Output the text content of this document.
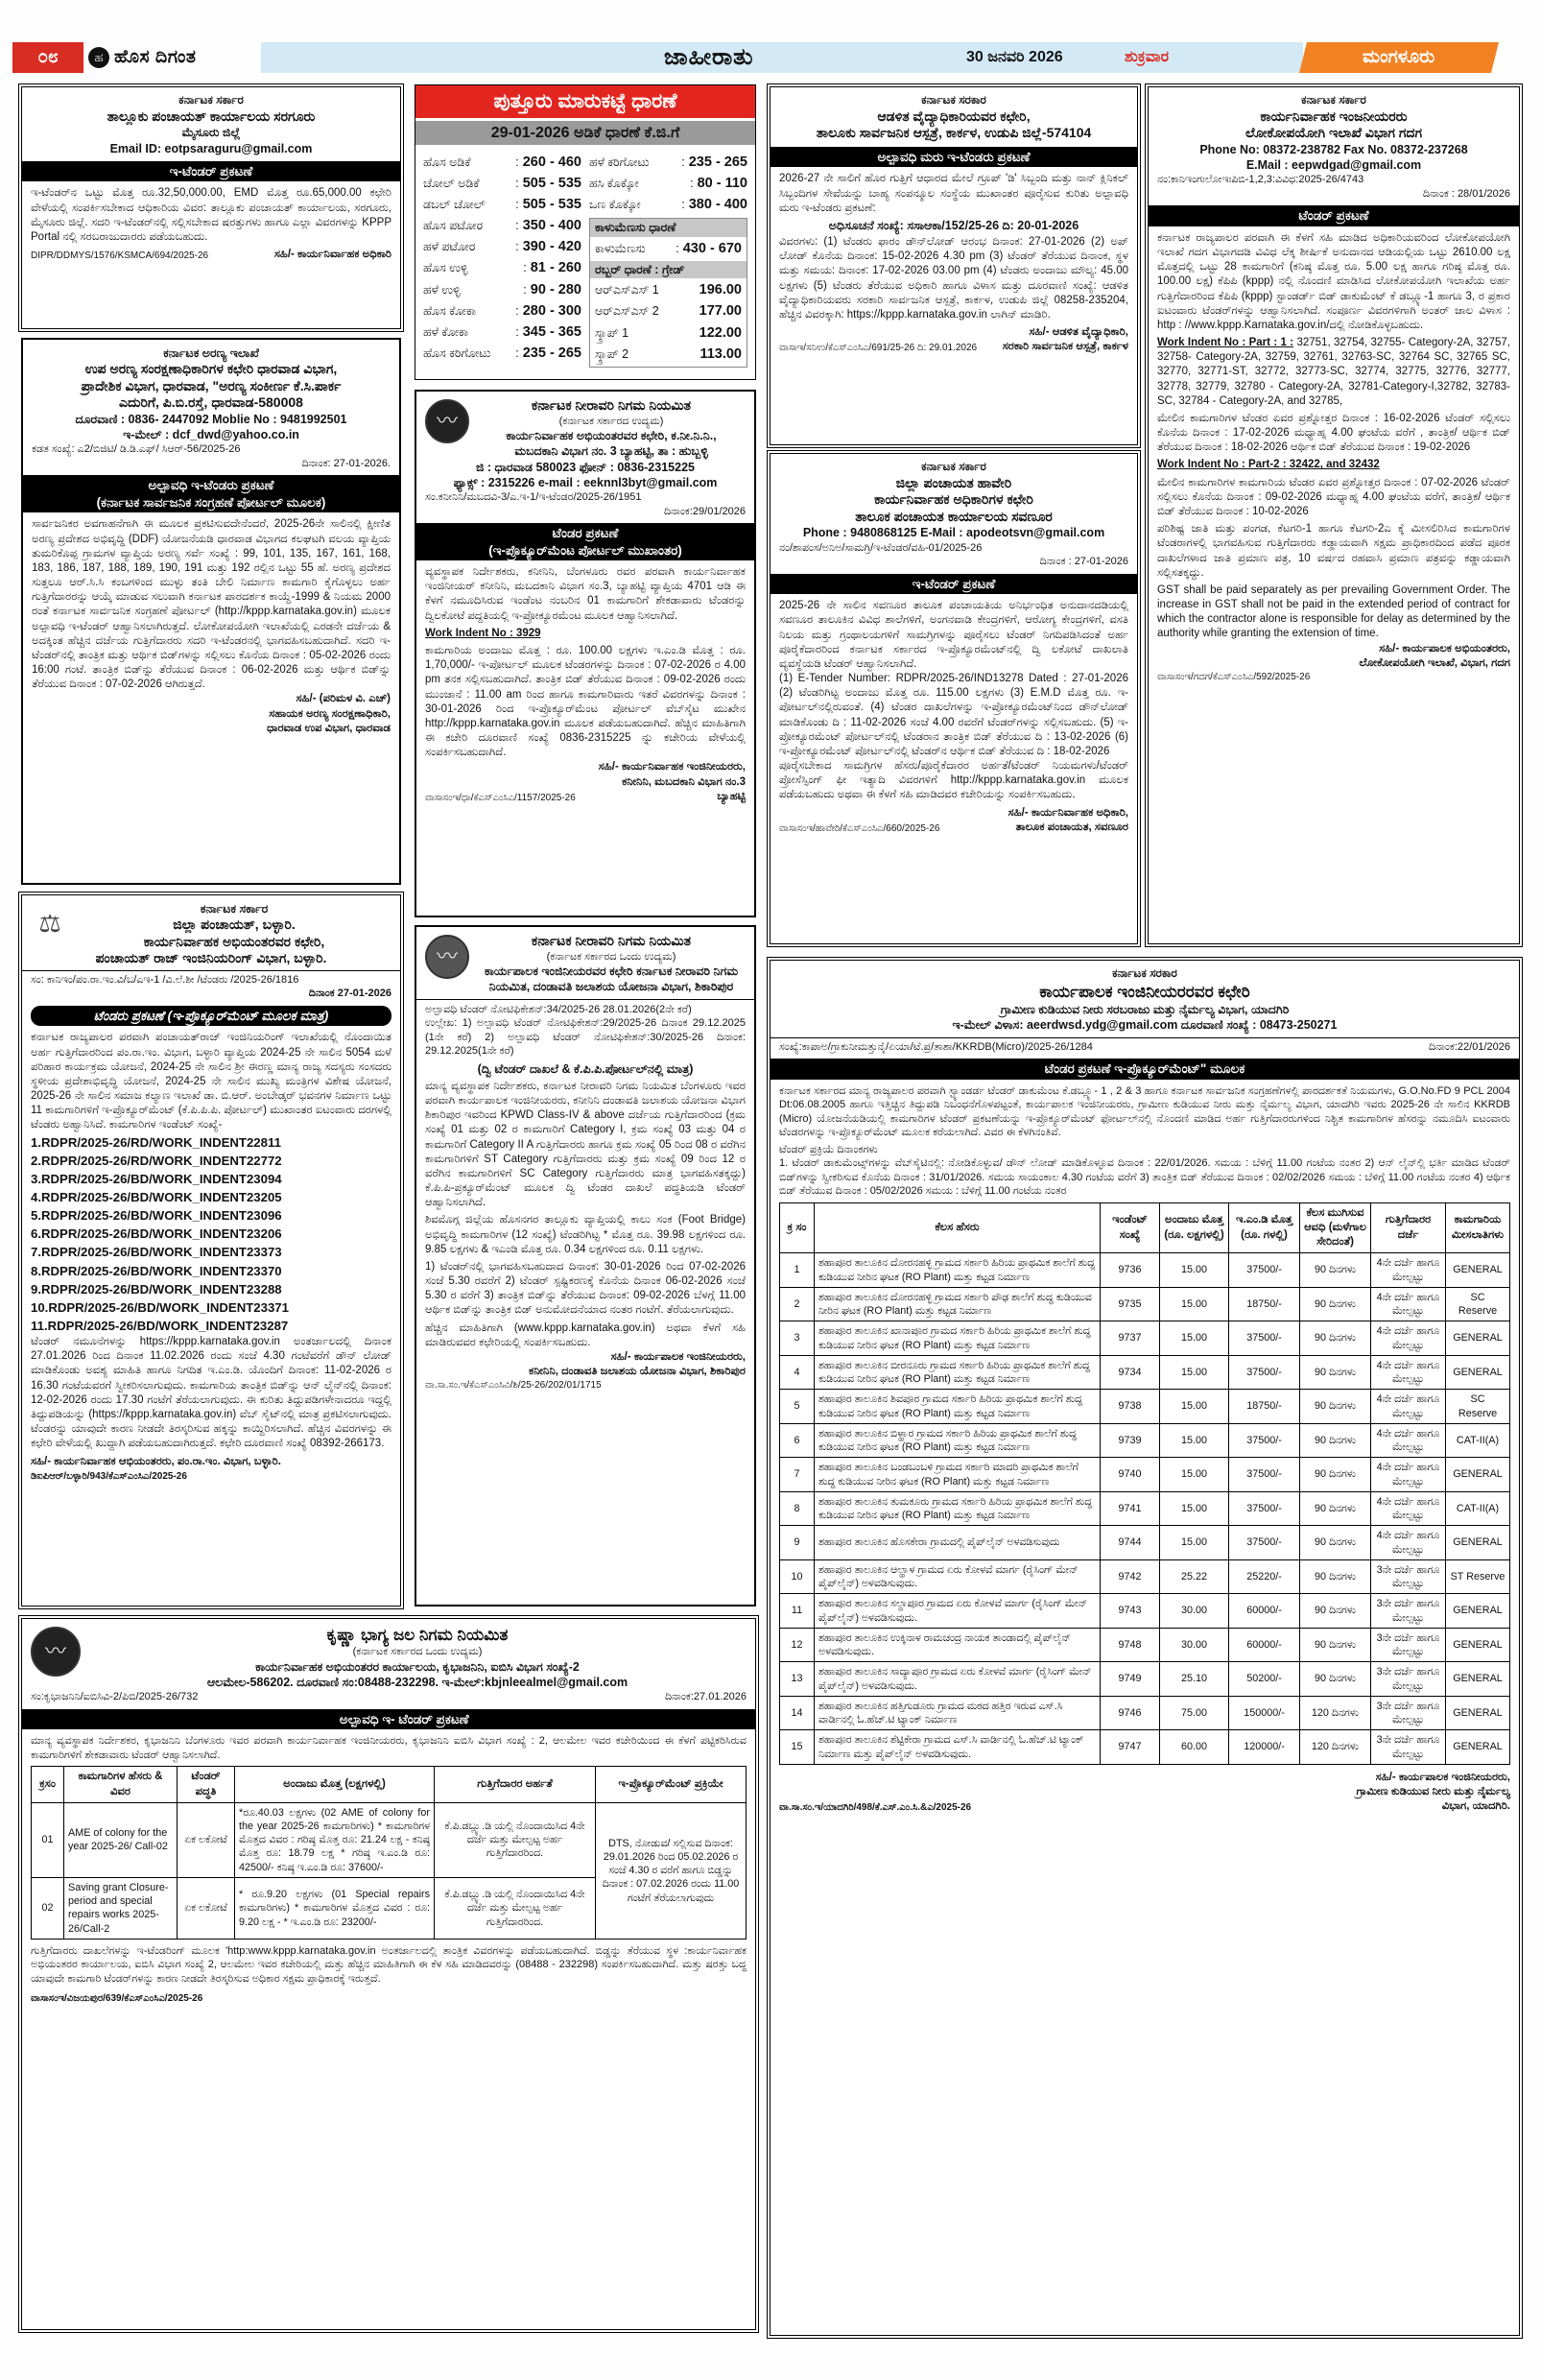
೦೮	ಹ ಹೊಸ ದಿಗಂತ	ಜಾಹೀರಾತು	30 ಜನವರಿ 2026	ಶುಕ್ರವಾರ	ಮಂಗಳೂರು
ಕರ್ನಾಟಕ ಸರ್ಕಾರ
ತಾಲ್ಲೂಕು ಪಂಚಾಯತ್ ಕಾರ್ಯಾಲಯ ಸರಗೂರು
ಮೈಸೂರು ಜಿಲ್ಲೆ
Email ID: eotpsaraguru@gmail.com
ಇ-ಟೆಂಡರ್ ಪ್ರಕಟಣೆ
ಇ-ಟೆಂಡರ್‌ನ ಒಟ್ಟು ಮೊತ್ತ ರೂ.32,50,000.00, EMD ಮೊತ್ತ ರೂ.65,000.00 ಕಛೇರಿ ವೇಳೆಯಲ್ಲಿ ಸಂಪರ್ಕಿಸಬೇಕಾದ ಆಧಿಕಾರಿಯ ವಿವರ: ತಾಲ್ಲೂಕು ಪಂಚಾಯತ್ ಕಾರ್ಯಾಲಯ, ಸರಗೂರು, ಮೈಸೂರು ಜಿಲ್ಲೆ. ಸದರಿ ಇ-ಟೆಂಡರ್‌ನಲ್ಲಿ ಸಲ್ಲಿಸಬೇಕಾದ ಷರತ್ತುಗಳು ಹಾಗೂ ಎಲ್ಲಾ ವಿವರಗಳನ್ನು KPPP Portal ನಲ್ಲಿ ಸರಬರಾಜುದಾರರು ಪಡೆಯಬಹುದು.
DIPR/DDMYS/1576/KSMCA/694/2025-26	ಸಹಿ/- ಕಾರ್ಯನಿರ್ವಾಹಕ ಅಧಿಕಾರಿ
ಕರ್ನಾಟಕ ಅರಣ್ಯ ಇಲಾಖೆ
ಉಪ ಅರಣ್ಯ ಸಂರಕ್ಷಣಾಧಿಕಾರಿಗಳ ಕಛೇರಿ ಧಾರವಾಡ ವಿಭಾಗ,
ಪ್ರಾದೇಶಿಕ ವಿಭಾಗ, ಧಾರವಾಡ, "ಅರಣ್ಯ ಸಂಕೀರ್ಣ ಕೆ.ಸಿ.ಪಾರ್ಕ
ಎದುರಿಗೆ, ಪಿ.ಬಿ.ರಸ್ತೆ, ಧಾರವಾಡ-580008
ದೂರವಾಣಿ : 0836- 2447092 Moblie No : 9481992501
ಇ-ಮೇಲ್ : dcf_dwd@yahoo.co.in
ಕಡತ ಸಂಖ್ಯೆ: ಎ2/ಬಿಜಿಟಿ/ ಡಿ.ಡಿ.ಎಫ್/ ಸಿಆರ್-56/2025-26
ದಿನಾಂಕ: 27-01-2026.
ಅಲ್ಪಾವಧಿ ಇ-ಟೆಂಡರು ಪ್ರಕಟಣೆ
(ಕರ್ನಾಟಕ ಸಾರ್ವಜನಿಕ ಸಂಗ್ರಹಣೆ ಪೋರ್ಟಲ್ ಮೂಲಕ)
ಸಾರ್ವಜನಿಕರ ಅವಗಾಹನೆಗಾಗಿ ಈ ಮೂಲಕ ಪ್ರಕಟಿಸುವದೇನೆಂದರೆ, 2025-26ನೇ ಸಾಲಿನಲ್ಲಿ ಕ್ಷೀಣಿತ ಅರಣ್ಯ ಪ್ರದೇಶದ ಅಭಿವೃದ್ಧಿ (DDF) ಯೋಜನೆಯಡಿ ಧಾರವಾಡ ವಿಭಾಗದ ಕಲಘಟಗಿ ವಲಯ ವ್ಯಾಪ್ತಿಯ ತುಮರಿಕೊಪ್ಪ ಗ್ರಾಮಗಳ ವ್ಯಾಪ್ತಿಯ ಅರಣ್ಯ ಸರ್ವೆ ಸಂಖ್ಯೆ : 99, 101, 135, 167, 161, 168, 183, 186, 187, 188, 189, 190, 191 ಮತ್ತು 192 ರಲ್ಲಿನ ಒಟ್ಟು 55 ಹೆ. ಅರಣ್ಯ ಪ್ರದೇಶದ ಸುತ್ತಲೂ ಆರ್.ಸಿ.ಸಿ ಕಂಬಗಳಿಂದ ಮುಳ್ಳು ತಂತಿ ಬೇಲಿ ನಿರ್ಮಾಣ ಕಾಮಗಾರಿ ಕೈಗೊಳ್ಳಲು ಅರ್ಹ ಗುತ್ತಿಗೆದಾರರನ್ನು ಆಯ್ಕೆ ಮಾಡುವ ಸಲುವಾಗಿ ಕರ್ನಾಟಕ ಪಾರದರ್ಶಕ ಕಾಯ್ದೆ-1999 & ನಿಯಮ 2000 ರಂತೆ ಕರ್ನಾಟಕ ಸಾರ್ವಜನಿಕ ಸಂಗ್ರಹಣೆ ಪೋರ್ಟಲ್ (http://kppp.karnataka.gov.in) ಮೂಲಕ ಅಲ್ಪಾವಧಿ ಇ-ಟೆಂಡರ್ ಆಹ್ವಾನಿಸಲಾಗಿರುತ್ತದೆ. ಲೋಕೋಪಯೋಗಿ ಇಲಾಖೆಯಲ್ಲಿ ಎರಡನೇ ದರ್ಜೆಯ & ಅದಕ್ಕಿಂತ ಹೆಚ್ಚಿನ ದರ್ಜೆಯ ಗುತ್ತಿಗೆದಾರರು ಸದರಿ ಇ-ಟೆಂಡರನಲ್ಲಿ ಭಾಗವಹಿಸಬಹುದಾಗಿದೆ. ಸದರಿ ಇ-ಟೆಂಡರ್‌ನಲ್ಲಿ ತಾಂತ್ರಿಕ ಮತ್ತು ಆರ್ಥಿಕ ಬಿಡ್‌ಗಳನ್ನು ಸಲ್ಲಿಸಲು ಕೊನೆಯ ದಿನಾಂಕ : 05-02-2026 ರಂದು 16:00 ಗಂಟೆ. ತಾಂತ್ರಿಕ ಬಿಡ್‌ನ್ನು ತೆರೆಯುವ ದಿನಾಂಕ : 06-02-2026 ಮತ್ತು ಆರ್ಥಿಕ ಬಿಡ್‌ನ್ನು ತೆರೆಯುವ ದಿನಾಂಕ : 07-02-2026 ಆಗಿರುತ್ತದೆ.
ಸಹಿ/- (ಪರಿಮಳ ವಿ. ಎಚ್)
ಸಹಾಯಕ ಅರಣ್ಯ ಸಂರಕ್ಷಣಾಧಿಕಾರಿ,
ಧಾರವಾಡ ಉಪ ವಿಭಾಗ, ಧಾರವಾಡ
⚖	ಕರ್ನಾಟಕ ಸರ್ಕಾರ
ಜಿಲ್ಲಾ ಪಂಚಾಯತ್, ಬಳ್ಳಾರಿ.
ಕಾರ್ಯನಿರ್ವಾಹಕ ಅಭಿಯಂತರವರ ಕಛೇರಿ,
ಪಂಚಾಯತ್ ರಾಜ್ ಇಂಜಿನಿಯರಿಂಗ್ ವಿಭಾಗ, ಬಳ್ಳಾರಿ.
ಸಂ: ಕಾನಿಇಂ/ಪಂ.ರಾ.ಇಂ.ವಿ/ಬ/ಎಇ-1 /ವಿ.ಲೆ.ಶೀ /ಟೆಂಡರು /2025-26/1816
ದಿನಾಂಕ 27-01-2026
ಟೆಂಡರು ಪ್ರಕಟಣೆ (ಇ-ಪ್ರೊಕ್ಯೂರ್‌ಮೆಂಟ್ ಮೂಲಕ ಮಾತ್ರ)
ಕರ್ನಾಟಕ ರಾಜ್ಯಪಾಲರ ಪರವಾಗಿ ಪಂಚಾಯತ್‌ರಾಜ್ ಇಂಜಿನಿಯರಿಂಗ್ ಇಲಾಖೆಯಲ್ಲಿ ನೊಂದಾಯಿತ ಅರ್ಹ ಗುತ್ತಿಗೆದಾರರಿಂದ ಪಂ.ರಾ.ಇಂ. ವಿಭಾಗ, ಬಳ್ಳಾರಿ ವ್ಯಾಪ್ತಿಯ 2024-25 ನೇ ಸಾಲಿನ 5054 ಮಳೆ ಪರಿಹಾರ ಕಾರ್ಯಕ್ರಮ ಯೋಜನೆ, 2024-25 ನೇ ಸಾಲಿನ ಶ್ರೀ ಈರಣ್ಣ ಮಾನ್ಯ ರಾಜ್ಯ ಸದಸ್ಯರು ಸಂಸದರು ಸ್ಥಳೀಯ ಪ್ರದೇಶಾಭಿವೃದ್ಧಿ ಯೋಜನೆ, 2024-25 ನೇ ಸಾಲಿನ ಮುಖ್ಯ ಮಂತ್ರಿಗಳ ವಿಶೇಷ ಯೋಜನೆ, 2025-26 ನೇ ಸಾಲಿನ ಸಮಾಜ ಕಲ್ಯಾಣ ಇಲಾಖೆ ಡಾ. ಬಿ.ಆರ್. ಅಂಬೇಡ್ಕರ್ ಭವನಗಳ ನಿರ್ಮಾಣ ಒಟ್ಟು 11 ಕಾಮಗಾರಿಗಳಿಗೆ ಇ-ಪ್ರೊಕ್ಯೂರ್‌ಮೆಂಟ್ (ಕೆ.ಪಿ.ಪಿ.ಪಿ. ಪೋರ್ಟಲ್) ಮುಖಾಂತರ ಐಟಂವಾರು ದರಗಳಲ್ಲಿ ಟೆಂಡರು ಅಹ್ವಾನಿಸಿದೆ. ಕಾಮಗಾರಿಗಳ ಇಂಡೆಂಟ್ ಸಂಖ್ಯೆ-
1.RDPR/2025-26/RD/WORK_INDENT22811
2.RDPR/2025-26/RD/WORK_INDENT22772
3.RDPR/2025-26/BD/WORK_INDENT23094
4.RDPR/2025-26/BD/WORK_INDENT23205
5.RDPR/2025-26/BD/WORK_INDENT23096
6.RDPR/2025-26/BD/WORK_INDENT23206
7.RDPR/2025-26/BD/WORK_INDENT23373
8.RDPR/2025-26/BD/WORK_INDENT23370
9.RDPR/2025-26/BD/WORK_INDENT23288
10.RDPR/2025-26/BD/WORK_INDENT23371
11.RDPR/2025-26/BD/WORK_INDENT23287
ಟೆಂಡರ್ ನಮೂನೆಗಳನ್ನು https://kppp.karnataka.gov.in ಅಂತರ್ಜಾಲದಲ್ಲಿ ದಿನಾಂಕ 27.01.2026 ರಿಂದ ದಿನಾಂಕ 11.02.2026 ರಂದು ಸಂಜೆ 4.30 ಗಂಟೆವರೆಗೆ ಡೌನ್ ಲೋಡ್ ಮಾಡಿಕೊಂಡು ಅವಶ್ಯ ಮಾಹಿತಿ ಹಾಗೂ ನಿಗದಿತ ಇ.ಎಂ.ಡಿ. ಯೊಂದಿಗೆ ದಿನಾಂಕ: 11-02-2026 ರ 16.30 ಗಂಟೆಯವರಗೆ ಸ್ವೀಕರಿಸಲಾಗುವುದು. ಕಾಮಗಾರಿಯ ತಾಂತ್ರಿಕ ಬಿಡ್‌ನ್ನು ಆನ್ ಲೈನ್‌ನಲ್ಲಿ ದಿನಾಂಕ: 12-02-2026 ರಂದು 17.30 ಗಂಟೆಗೆ ತೆರೆಯಲಾಗುವುದು. ಈ ಕುರಿತು ತಿದ್ದುಪಡಿಗಳೇನಾದರೂ ಇದ್ದಲ್ಲಿ ತಿದ್ದುಪಡಿಯನ್ನು (https://kppp.karnataka.gov.in) ವೆಬ್ ಸೈಟ್‌ನಲ್ಲಿ ಮಾತ್ರ ಪ್ರಕಟಿಸಲಾಗುವುದು. ಟೆಂಡರನ್ನು ಯಾವುದೇ ಕಾರಣ ನೀಡದೇ ತಿರಸ್ಕರಿಸುವ ಹಕ್ಕನ್ನು ಕಾಯ್ದಿರಿಸಲಾಗಿದೆ. ಹೆಚ್ಚಿನ ವಿವರಗಳನ್ನು ಈ ಕಛೇರಿ ವೇಳೆಯಲ್ಲಿ ಖುದ್ದಾಗಿ ಪಡೆಯಬಹುದಾಗಿರುತ್ತದೆ. ಕಛೇರಿ ದೂರವಾಣಿ ಸಂಖ್ಯೆ 08392-266173.
ಸಹಿ/- ಕಾರ್ಯನಿರ್ವಾಹಕ ಆಭಿಯಂತರರು, ಪಂ.ರಾ.ಇಂ. ವಿಭಾಗ, ಬಳ್ಳಾರಿ.
ಡಿಐಪಿಆರ್/ಬಳ್ಳಾರಿ/943/ಕೆಎಸ್‌ಎಂಸಿಎ/2025-26
〰
ಕೃಷ್ಣಾ ಭಾಗ್ಯ ಜಲ ನಿಗಮ ನಿಯಮಿತ
(ಕರ್ನಾಟಕ ಸರ್ಕಾರದ ಒಂದು ಉದ್ಯಮ)
ಕಾರ್ಯನಿರ್ವಾಹಕ ಅಭಿಯಂತರರ ಕಾರ್ಯಾಲಯ, ಕೃಭಾಜನಿನಿ, ಐಬಿಸಿ ವಿಭಾಗ ಸಂಖ್ಯೆ-2
ಆಲಮೇಲ-586202. ದೂರವಾಣಿ ಸಂ:08488-232298. ಇ-ಮೇಲ್:kbjnleealmel@gmail.com
ಸಂ:ಕೃಭಾಜನಿನಿ/ಐಬಿಸಿವಿ-2/ಪಿಬಿ/2025-26/732	ದಿನಾಂಕ:27.01.2026
ಅಲ್ಪಾವಧಿ ಇ- ಟೆಂಡರ್ ಪ್ರಕಟಣೆ
ಮಾನ್ಯ ವ್ಯವಸ್ಥಾಪಕ ನಿರ್ದೇಶಕರ, ಕೃಭಾಜನಿನಿ ಬೆಂಗಳೂರು ಇವರ ಪರವಾಗಿ ಕಾರ್ಯನಿರ್ವಾಹಕ ಇಂಜಿನೀಯರರು, ಕೃಭಾಜನಿನಿ ಐಬಿಸಿ ವಿಭಾಗ ಸಂಖ್ಯೆ : 2, ಆಲಮೇಲ ಇವರ ಕಚೇರಿಯಿಂದ ಈ ಕೆಳಗೆ ಪಟ್ಟಿಕರಿಸಿರುವ ಕಾಮಗಾರಿಗಳಿಗೆ ಶೇಕಡಾವಾರು ಟೆಂಡರ್ ಆಹ್ವಾನಿಸಲಾಗಿದೆ.
ಕ್ರಸಂ	ಕಾಮಗಾರಿಗಳ ಹೆಸರು & ವಿವರ	ಟೆಂಡರ್ ಪದ್ಧತಿ	ಅಂದಾಜು ಮೊತ್ತ (ಲಕ್ಷಗಳಲ್ಲಿ)	ಗುತ್ತಿಗೆದಾರರ ಅರ್ಹತೆ	ಇ-ಪ್ರೊಕ್ಯೂರ್‌ಮೆಂಟ್ ಪ್ರಕ್ರಿಯೇ
01	AME of colony for the year 2025-26/ Call-02	ಏಕ ಲಕೋಟೆ	*ರೂ.40.03 ಲಕ್ಷಗಳು (02 AME of colony for the year 2025-26 ಕಾಮಗಾರಿಗಳು) * ಕಾಮಗಾರಿಗಳ ಮೊತ್ತದ ವಿವರ : ಗರಿಷ್ಠ ಮೊತ್ತ ರೂ: 21.24 ಲಕ್ಷ - ಕನಿಷ್ಠ ಮೊತ್ತ ರೂ: 18.79 ಲಕ್ಷ * ಗರಿಷ್ಠ ಇ.ಎಂ.ಡಿ ರೂ: 42500/- ಕನಿಷ್ಠ ಇ.ಎಂ.ಡಿ ರೂ: 37600/-	ಕೆ.ಪಿ.ಡಬ್ಲ್ಯು.ಡಿ ಯಲ್ಲಿ ನೊಂದಾಯಿಸಿದ 4ನೇ ದರ್ಜೆ ಮತ್ತು ಮೇಲ್ಪಟ್ಟ ಅರ್ಹ ಗುತ್ತಿಗೆದಾರರಿಂದ.	DTS, ನೋಡುವ/ ಸಲ್ಲಿಸುವ ದಿನಾಂಕ: 29.01.2026 ರಿಂದ 05.02.2026 ರ ಸಂಜೆ 4.30 ರ ವರೆಗೆ ಹಾಗೂ ಬಿಡ್ಡನ್ನು ದಿನಾಂಕ : 07.02.2026 ರಂದು 11.00 ಗಂಟೆಗೆ ತೆರೆಯಲಾಗುವುದು
02	Saving grant Closure-period and special repairs works 2025-26/Call-2	ಏಕ ಲಕೋಟೆ	* ರೂ.9.20 ಲಕ್ಷಗಳು (01 Special repairs ಕಾಮಗಾರಿಗಳು) * ಕಾಮಗಾರಿಗಳ ಮೊತ್ತದ ವಿವರ : ರೂ: 9.20 ಲಕ್ಷ - * ಇ.ಎಂ.ಡಿ ರೂ: 23200/-	ಕೆ.ಪಿ.ಡಬ್ಲ್ಯು.ಡಿ ಯಲ್ಲಿ ನೊಂದಾಯಿಸಿದ 4ನೇ ದರ್ಜೆ ಮತ್ತು ಮೇಲ್ಪಟ್ಟ ಅರ್ಹ ಗುತ್ತಿಗೆದಾರರಿಂದ.	
ಗುತ್ತಿಗೆದಾರರು ದಾಖಲೆಗಳನ್ನು ಇ-ಟೆಂಡರಿಂಗ್ ಮೂಲಕ 'http:www.kppp.karnataka.gov.in ಅಂತರ್ಜಾಲದಲ್ಲಿ ತಾಂತ್ರಿಕ ವಿವರಗಳನ್ನು ಪಡೆಯಬಹುದಾಗಿದೆ. ಬಿಡ್ಡನ್ನು ತೆರೆಯುವ ಸ್ಥಳ :ಕಾರ್ಯನಿರ್ವಾಹಕ ಅಭಿಯಂತರರ ಕಾರ್ಯಾಲಯ, ಐಬಿಸಿ ವಿಭಾಗ ಸಂಖ್ಯೆ 2, ಆಲಮೇಲ ಇವರ ಕಚೇರಿಯಲ್ಲಿ ಮತ್ತು ಹೆಚ್ಚಿನ ಮಾಹಿತಿಗಾಗಿ ಈ ಕೆಳ ಸಹಿ ಮಾಡಿದವರನ್ನು (08488 - 232298) ಸಂಪರ್ಕಿಸಬಹುದಾಗಿದೆ. ಮತ್ತು ಷರತ್ತು ಬದ್ಧ ಯಾವುದೇ ಕಾಮಗಾರಿ ಟೆಂಡರ್‌ಗಳನ್ನು ಕಾರಣ ನೀಡದೇ ತಿರಸ್ಕರಿಸುವ ಅಧಿಕಾರ ಸಕ್ಷಮ ಪ್ರಾಧಿಕಾರಕ್ಕೆ ಇರುತ್ತದೆ.
ವಾಸಾಸಂಇ/ವಿಜಯಪುರ/639/ಕೆಎಸ್‌ಎಂಸಿಎ/2025-26
ಪುತ್ತೂರು ಮಾರುಕಟ್ಟೆ ಧಾರಣೆ
29-01-2026 ಅಡಿಕೆ ಧಾರಣೆ ಕೆ.ಜಿ.ಗೆ
ಹೊಸ ಅಡಿಕೆ :	260 - 460
ಚೋಲ್ ಅಡಿಕೆ :	505 - 535
ಡಬಲ್ ಚೋಲ್ :	505 - 535
ಹೊಸ ಪಟೋರ :	350 - 400
ಹಳೆ ಪಟೋರ :	390 - 420
ಹೊಸ ಉಳ್ಳಿ :	81 - 260
ಹಳೆ ಉಳ್ಳಿ :	90 - 280
ಹೊಸ ಕೋಕಾ :	280 - 300
ಹಳೆ ಕೋಕಾ :	345 - 365
ಹೊಸ ಕರಿಗೋಟು :	235 - 265
ಹಳೆ ಕರಿಗೋಟು :	235 - 265
ಹಸಿ ಕೊಕ್ಕೋ :	80 - 110
ಒಣ ಕೊಕ್ಕೋ :	380 - 400
ಕಾಳುಮೆಣಸು ಧಾರಣೆ
ಕಾಳುಮೆಣಸು :	430 - 670
ರಬ್ಬರ್ ಧಾರಣೆ : ಗ್ರೇಡ್
ಆರ್‌ಎಸ್‌ಎಸ್ 1	196.00
ಆರ್‌ಎಸ್‌ಎಸ್ 2	177.00
ಸ್ಕ್ರಾಪ್ 1	122.00
ಸ್ಕ್ರಾಪ್ 2	113.00
〰
ಕರ್ನಾಟಕ ನೀರಾವರಿ ನಿಗಮ ನಿಯಮಿತ
(ಕರ್ನಾಟಕ ಸರ್ಕಾರದ ಉದ್ಯಮ)
ಕಾರ್ಯನಿರ್ವಾಹಕ ಅಭಿಯಂತರವರ ಕಛೇರಿ, ಕ.ನೀ.ನಿ.ನಿ.,
ಮಬದಕಾನಿ ವಿಭಾಗ ನಂ. 3 ಬ್ಯಾಹಟ್ಟಿ, ತಾ : ಹುಬ್ಬಳ್ಳಿ
ಜಿ : ಧಾರವಾಡ 580023 ಫೋನ್ : 0836-2315225
ಫ್ಯಾಕ್ಸ್ : 2315226 e-mail : eeknnl3byt@gmail.com
ಸಂ.ಕನೀನಿನಿ/ಮಬದವಿ-3/ಎ.ಇ-1/ಇ-ಟೆಂಡರ/2025-26/1951
ದಿನಾಂಕ:29/01/2026
ಟೆಂಡರ ಪ್ರಕಟಣೆ
(ಇ-ಪ್ರೊಕ್ಯೂರ್‌ಮೆಂಟ ಪೋರ್ಟಲ್ ಮುಖಾಂತರ)
ವ್ಯವಸ್ಥಾಪಕ ನಿರ್ದೇಶಕರು, ಕನೀನಿನಿ, ಬೆಂಗಳೂರು ರವರ ಪರವಾಗಿ ಕಾರ್ಯನಿರ್ವಾಹಕ ಇಂಜಿನೀಯರ್ ಕನೀನಿನಿ, ಮಬದಕಾನಿ ವಿಭಾಗ ಸಂ.3, ಬ್ಯಾಹಟ್ಟಿ ವ್ಯಾಪ್ತಿಯ 4701 ಆಡಿ ಈ ಕೆಳಗೆ ನಮೂದಿಸಿರುವ ಇಂಡೆಂಟ ನಂಬರಿನ 01 ಕಾಮಗಾರಿಗೆ ಶೇಕಡಾವಾರು ಟೆಂಡರನ್ನು ದ್ವಿಲಕೋಟೆ ಪದ್ದತಿಯಲ್ಲಿ ಇ-ಪ್ರೋಕ್ಯೂರಮೆಂಟ ಮೂಲಕ ಆಹ್ವಾನಿಸಲಾಗಿದೆ.
Work Indent No : 3929
ಕಾಮಗಾರಿಯ ಅಂದಾಜು ಮೊತ್ತ : ರೂ. 100.00 ಲಕ್ಷಗಳು ಇ.ಎಂ.ಡಿ ಮೊತ್ತ : ರೂ. 1,70,000/- ಇ-ಪೋರ್ಟಲ್ ಮೂಲಕ ಟೆಂಡರಗಳನ್ನು ದಿನಾಂಕ : 07-02-2026 ರ 4.00 pm ತನಕ ಸಲ್ಲಿಸಬಹುದಾಗಿದೆ. ತಾಂತ್ರಿಕ ಬಿಡ್ ತೆರೆಯುವ ದಿನಾಂಕ : 09-02-2026 ರಂದು ಮುಂಜಾನೆ : 11.00 am ರಿಂದ ಹಾಗೂ ಕಾಮಗಾರಿವಾರು ಇತರೆ ವಿವರಗಳನ್ನು ದಿನಾಂಕ : 30-01-2026 ರಿಂದ ಇ-ಪ್ರೊಕ್ಯೂರ್‌ಮೆಂಟ ಪೋರ್ಟಲ್ ವೆಬ್‌ಸೈಟ ಮುಖೇನ http://kppp.karnataka.gov.in ಮೂಲಕ ಪಡೆಯಬಹುದಾಗಿದೆ. ಹೆಚ್ಚಿನ ಮಾಹಿತಿಗಾಗಿ ಈ ಕಚೇರಿ ದೂರವಾಣಿ ಸಂಖ್ಯೆ 0836-2315225 ನ್ನು ಕಚೇರಿಯ ವೇಳೆಯಲ್ಲಿ ಸಂಪರ್ಕಿಸಬಹುದಾಗಿದೆ.
ಸಹಿ/- ಕಾರ್ಯನಿರ್ವಾಹಕ ಇಂಜಿನೀಯರರು,
ಕನೀನಿನಿ, ಮಬದಕಾನಿ ವಿಭಾಗ ನಂ.3
ವಾಸಾಸಂಇ/ಧಾ/ಕೆಎಸ್‌ಎಂಸಿಎ/1157/2025-26	ಬ್ಯಾಹಟ್ಟಿ
〰
ಕರ್ನಾಟಕ ನೀರಾವರಿ ನಿಗಮ ನಿಯಮಿತ
(ಕರ್ನಾಟಕ ಸರ್ಕಾರದ ಒಂದು ಉದ್ಯಮ)
ಕಾರ್ಯಪಾಲಕ ಇಂಜಿನೀಯರವರ ಕಛೇರಿ ಕರ್ನಾಟಕ ನೀರಾವರಿ ನಿಗಮ
ನಿಯಮಿತ, ದಂಡಾವತಿ ಜಲಾಶಯ ಯೋಜನಾ ವಿಭಾಗ, ಶಿಕಾರಿಪುರ
ಅಲ್ಪಾವಧಿ ಟೆಂಡರ್ ನೋಟಿಫಿಕೇಶನ್:34/2025-26 28.01.2026(2ನೇ ಕರೆ)
ಉಲ್ಲೇಖ: 1) ಅಲ್ಪಾವಧಿ ಟೆಂಡರ್ ನೋಟಿಫಿಕೇಶನ್:29/2025-26 ದಿನಾಂಕ 29.12.2025 (1ನೇ ಕರೆ) 2) ಅಲ್ಪಾವಧಿ ಟೆಂಡರ್ ನೋಟಿಫಿಕೇಶನ್:30/2025-26 ದಿನಾಂಕ: 29.12.2025(1ನೇ ಕರೆ)
(ದ್ವಿ ಟೆಂಡರ್ ದಾಖಲೆ & ಕೆ.ಪಿ.ಪಿ.ಪೋರ್ಟಲ್‌ನಲ್ಲಿ ಮಾತ್ರ)
ಮಾನ್ಯ ವ್ಯವಸ್ಥಾಪಕ ನಿರ್ದೇಶಕರು, ಕರ್ನಾಟಕ ನೀರಾವರಿ ನಿಗಮ ನಿಯಮಿತ ಬೆಂಗಳೂರು ಇವರ ಪರವಾಗಿ ಕಾರ್ಯಪಾಲಕ ಇಂಜಿನೀಯರರು, ಕನೀನಿನಿ ದಂಡಾವತಿ ಜಲಾಶಯ ಯೋಜನಾ ವಿಭಾಗ ಶಿಕಾರಿಪುರ ಇವರಿಂದ KPWD Class-IV & above ದರ್ಜೆಯ ಗುತ್ತಿಗೆದಾರರಿಂದ (ಕ್ರಮ ಸಂಖ್ಯೆ 01 ಮತ್ತು 02 ರ ಕಾಮಗಾರಿಗೆ Category I, ಕ್ರಮ ಸಂಖ್ಯೆ 03 ಮತ್ತು 04 ರ ಕಾಮಗಾರಿಗೆ Category II A ಗುತ್ತಿಗೆದಾರರು ಹಾಗೂ ಕ್ರಮ ಸಂಖ್ಯೆ 05 ರಿಂದ 08 ರ ವರೆಗಿನ ಕಾಮಗಾರಿಗಳಿಗೆ ST Category ಗುತ್ತಿಗೆದಾರರು ಮತ್ತು ಕ್ರಮ ಸಂಖ್ಯೆ 09 ರಿಂದ 12 ರ ವರೆಗಿನ ಕಾಮಗಾರಿಗಳಿಗೆ SC Category ಗುತ್ತಿಗೆದಾರರು ಮಾತ್ರ ಭಾಗವಹಿಸತಕ್ಕದ್ದು) ಕೆ.ಪಿ.ಪಿ-ಪ್ರಕ್ಯೂರ್‌ಮೆಂಟ್ ಮೂಲಕ ದ್ವಿ ಟೆಂಡರ ದಾಖಲೆ ಪದ್ಧತಿಯಡಿ ಟೆಂಡರ್ ಆಹ್ವಾನಿಸಲಾಗಿದೆ.
ಶಿವಮೊಗ್ಗ ಜಿಲ್ಲೆಯ ಹೊಸನಗರ ತಾಲ್ಲೂಕು ವ್ಯಾಪ್ತಿಯಲ್ಲಿ ಕಾಲು ಸಂಕ (Foot Bridge) ಅಭಿವೃದ್ಧಿ ಕಾಮಗಾರಿಗಳ (12 ಸಂಖ್ಯೆ) ಟೆಂಡರಿಗಿಟ್ಟ * ಮೊತ್ತ ರೂ. 39.98 ಲಕ್ಷಗಳಿಂದ ರೂ. 9.85 ಲಕ್ಷಗಳು & ಇಎಂಡಿ ಮೊತ್ತ ರೂ. 0.34 ಲಕ್ಷಗಳಿಂದ ರೂ. 0.11 ಲಕ್ಷಗಳು.
1) ಟೆಂಡರ್‌ನಲ್ಲಿ ಭಾಗವಹಿಸಬಹುದಾದ ದಿನಾಂಕ: 30-01-2026 ರಿಂದ 07-02-2026 ಸಂಜೆ 5.30 ರವರೆಗೆ 2) ಟೆಂಡರ್ ಸ್ಪಷ್ಟಿಕರಣಕ್ಕೆ ಕೊನೆಯ ದಿನಾಂಕ 06-02-2026 ಸಂಜೆ 5.30 ರ ವರೆಗೆ 3) ತಾಂತ್ರಿಕ ಬಿಡ್‌ನ್ನು ತೆರೆಯುವ ದಿನಾಂಕ: 09-02-2026 ಬೆಳಗ್ಗೆ 11.00 ಆರ್ಥಿಕ ಬಿಡ್‌ನ್ನು ತಾಂತ್ರಿಕ ಬಿಡ್ ಅನುಮೋದನೆಯಾದ ನಂತರ ಗಂಟೆಗೆ. ತೆರೆಯಲಾಗುವುದು.
ಹೆಚ್ಚಿನ ಮಾಹಿತಿಗಾಗಿ (www.kppp.karnataka.gov.in) ಅಥವಾ ಕೆಳಗೆ ಸಹಿ ಮಾಡಿರುವವರ ಕಛೇರಿಯಲ್ಲಿ ಸಂಪರ್ಕಿಸಬಹುದು.
ಸಹಿ/- ಕಾರ್ಯಪಾಲಕ ಇಂಜಿನೀಯರರು,
ಕನೀನಿನಿ, ದಂಡಾವತಿ ಜಲಾಶಯ ಯೋಜನಾ ವಿಭಾಗ, ಶಿಕಾರಿಪುರ
ವಾ.ಸಾ.ಸಂ.ಇ/ಕೆಎಸ್‌ಎಂಸಿವಿ/ಶಿ/25-26/202/01/1715
ಕರ್ನಾಟಕ ಸರಕಾರ
ಆಡಳಿತ ವೈದ್ಯಾಧಿಕಾರಿಯವರ ಕಛೇರಿ,
ತಾಲೂಕು ಸಾರ್ವಜನಿಕ ಆಸ್ಪತ್ರೆ, ಕಾರ್ಕಳ, ಉಡುಪಿ ಜಿಲ್ಲೆ-574104
ಅಲ್ಪಾವಧಿ ಮರು ಇ-ಟೆಂಡರು ಪ್ರಕಟಣೆ
2026-27 ನೇ ಸಾಲಿಗೆ ಹೊರ ಗುತ್ತಿಗೆ ಆಧಾರದ ಮೇಲೆ ಗ್ರೂಪ್ 'ಡಿ' ಸಿಬ್ಬಂದಿ ಮತ್ತು ನಾನ್ ಕ್ಲಿನಿಕಲ್ ಸಿಬ್ಬಂದಿಗಳ ಸೇವೆಯನ್ನು ಬಾಹ್ಯ ಸಂಪನ್ಮೂಲ ಸಂಸ್ಥೆಯ ಮುಖಾಂತರ ಪೂರೈಸುವ ಕುರಿತು ಅಲ್ಪಾವಧಿ ಮರು ಇ-ಟೆಂಡರು ಪ್ರಕಟಣೆ:
ಅಧಿಸೂಚನೆ ಸಂಖ್ಯೆ: ಸಸಾಆಕಾ/152/25-26 ದಿ: 20-01-2026
ವಿವರಗಳು: (1) ಟೆಂಡರು ಫಾರಂ ಡೌನ್‌ಲೋಡ್ ಆರಂಭ ದಿನಾಂಕ: 27-01-2026 (2) ಅಪ್ ಲೋಡ್ ಕೊನೆಯ ದಿನಾಂಕ: 15-02-2026 4.30 pm (3) ಟೆಂಡರ್ ತೆರೆಯುವ ದಿನಾಂಕ, ಸ್ಥಳ ಮತ್ತು ಸಮಯ: ದಿನಾಂಕ: 17-02-2026 03.00 pm (4) ಟೆಂಡರು ಅಂದಾಜು ಮೌಲ್ಯ: 45.00 ಲಕ್ಷಗಳು (5) ಟೆಂಡರು ತೆರೆಯುವ ಅಧಿಕಾರಿ ಹಾಗೂ ವಿಳಾಸ ಮತ್ತು ದೂರವಾಣಿ ಸಂಖ್ಯೆ: ಆಡಳಿತ ವೈದ್ಯಾಧಿಕಾರಿಯವರು ಸರಕಾರಿ ಸಾರ್ವಜನಿಕ ಆಸ್ಪತ್ರೆ, ಕಾರ್ಕಳ, ಉಡುಪಿ ಜಿಲ್ಲೆ 08258-235204, ಹೆಚ್ಚಿನ ವಿವರಕ್ಕಾಗಿ: https://kppp.karnataka.gov.in ಲಾಗಿನ್ ಮಾಡಿರಿ.
ವಾಸಾಇ/ಸನಿಉ/ಕೆಎಸ್‌ಎಂಸಿಎ/691/25-26 ದಿ: 29.01.2026
ಸಹಿ/- ಆಡಳಿತ ವೈದ್ಯಾಧಿಕಾರಿ,
ಸರಕಾರಿ ಸಾರ್ವಜನಿಕ ಆಸ್ಪತ್ರೆ, ಕಾರ್ಕಳ
ಕರ್ನಾಟಕ ಸರ್ಕಾರ
ಜಿಲ್ಲಾ ಪಂಚಾಯತ ಹಾವೇರಿ
ಕಾರ್ಯನಿರ್ವಾಹಕ ಅಧಿಕಾರಿಗಳ ಕಛೇರಿ
ತಾಲೂಕ ಪಂಚಾಯತ ಕಾರ್ಯಾಲಯ ಸವಣೂರ
Phone : 9480868125 E-Mail : apodeotsvn@gmail.com
ನಂ/ಶಾಪಂಸ/ಅನಿಅ/ಸಾಮಗ್ರಿ/ಇ-ಟೆಂಡರ/ವಹಿ-01/2025-26
ದಿನಾಂಕ : 27-01-2026
ಇ-ಟೆಂಡರ್ ಪ್ರಕಟಣೆ
2025-26 ನೇ ಸಾಲಿನ ಸವಣೂರ ತಾಲೂಕ ಪಂಚಾಯತಿಯ ಅನಿರ್ಭಂಧಿತ ಅನುದಾನದಡಿಯಲ್ಲಿ ಸವಣೂರ ತಾಲೂಕಿನ ವಿವಿಧ ಶಾಲೆಗಳಿಗೆ, ಅಂಗನವಾಡಿ ಕೇಂದ್ರಗಳಿಗೆ, ಆರೋಗ್ಯ ಕೇಂದ್ರಗಳಿಗೆ, ವಸತಿ ನಿಲಯ ಮತ್ತು ಗ್ರಂಥಾಲಯಗಳಿಗೆ ಸಾಮಗ್ರಿಗಳನ್ನು ಪೂರೈಸಲು ಟೆಂಡರ್ ನಿಗದಿಪಡಿಸಿದಂತೆ ಅರ್ಹ ಪೂರೈಕೆದಾರರಿಂದ ಕರ್ನಾಟಕ ಸರ್ಕಾರದ ಇ-ಪ್ರೊಕ್ಯೂರಮೆಂಟ್‌ನಲ್ಲಿ ದ್ವಿ ಲಕೋಟೆ ದಾಖಲಾತಿ ವ್ಯವಸ್ಥೆಯಡಿ ಟೆಂಡರ್ ಆಹ್ವಾನಿಸಲಾಗಿದೆ.
(1) E-Tender Number: RDPR/2025-26/IND13278 Dated : 27-01-2026 (2) ಟೆಂಡರಿಗಿಟ್ಟ ಅಂದಾಜು ಮೊತ್ತ ರೂ. 115.00 ಲಕ್ಷಗಳು (3) E.M.D ಮೊತ್ತ ರೂ. ಇ-ಪೋರ್ಟಲ್‌ನಲ್ಲಿರುವಂತೆ. (4) ಟೆಂಡರ ದಾಖಲೆಗಳನ್ನು ಇ-ಪ್ರೋಕ್ಯೂರಮೆಂಟ್‌ನಿಂದ ಡೌನ್‌ಲೋಡ್ ಮಾಡಿಕೊಂಡು ದಿ : 11-02-2026 ಸಂಜೆ 4.00 ರವರೆಗೆ ಟೆಂಡರ್‌ಗಳನ್ನು ಸಲ್ಲಿಸಬಹುದು. (5) ಇ-ಪ್ರೋಕ್ಯೂರಮೆಂಟ್ ಪೋರ್ಟಲ್‌ನಲ್ಲಿ ಟೆಂಡರಾನ ತಾಂತ್ರಿಕ ಬಿಡ್ ತೆರೆಯುವ ದಿ : 13-02-2026 (6) ಇ-ಪ್ರೋಕ್ಯೂರಮೆಂಟ್ ಪೋರ್ಟಲ್‌ನಲ್ಲಿ ಟೆಂಡರ್‌ನ ಆರ್ಥಿಕ ಬಿಡ್ ತೆರೆಯುವ ದಿ : 18-02-2026
ಪೂರೈಸಬೇಕಾದ ಸಾಮಗ್ರಿಗಳ ಹೆಸರು/ಪೂರೈಕೆದಾರರ ಅರ್ಹತೆ/ಟೆಂಡರ್ ನಿಯಮಗಳು/ಟೆಂಡರ್ ಪ್ರೋಸೆಸ್ಸಿಂಗ್ ಫೀ ಇತ್ಯಾದಿ ವಿವರಗಳಿಗೆ http://kppp.karnataka.gov.in ಮೂಲಕ ಪಡೆಯಬಹುದು ಅಥವಾ ಈ ಕೆಳಗೆ ಸಹಿ ಮಾಡಿದವರ ಕಚೇರಿಯನ್ನು ಸಂಪರ್ಕಿಸಬಹುದು.
ವಾಸಾಸಂಇ/ಹಾವೇರಿ/ಕೆಎಸ್‌ಎಂಸಿಎ/660/2025-26
ಸಹಿ/- ಕಾರ್ಯನಿರ್ವಾಹಕ ಅಧಿಕಾರಿ,
ತಾಲೂಕ ಪಂಚಾಯತ, ಸವಣೂರ
ಕರ್ನಾಟಕ ಸರ್ಕಾರ
ಕಾರ್ಯನಿರ್ವಾಹಕ ಇಂಜನೀಯರರು
ಲೋಕೋಪಯೋಗಿ ಇಲಾಖೆ ವಿಭಾಗ ಗದಗ
Phone No: 08372-238782 Fax No. 08372-237268
E.Mail : eepwdgad@gmail.com
ನಂ:ಕಾನಿಇಂಗಃಲೋಇಃಪಿಬಿ-1,2,3:ವಿವಿಧ:2025-26/4743
ದಿನಾಂಕ : 28/01/2026
ಟೆಂಡರ್ ಪ್ರಕಟಣೆ
ಕರ್ನಾಟಕ ರಾಜ್ಯಪಾಲರ ಪರವಾಗಿ ಈ ಕೆಳಗೆ ಸಹಿ ಮಾಡಿದ ಅಧಿಕಾರಿಯವರಿಂದ ಲೋಕೋಪಯೋಗಿ ಇಲಾಖೆ ಗದಗ ವಿಭಾಗದಡಿ ವಿವಿಧ ಲೆಕ್ಕ ಶೀರ್ಷಿಕೆ ಅನುದಾನದ ಆಡಿಯಲ್ಲಿಯ ಒಟ್ಟು 2610.00 ಲಕ್ಷ ಮೊತ್ತದಲ್ಲಿ ಒಟ್ಟು 28 ಕಾಮಗಾರಿಗೆ (ಕನಿಷ್ಠ ಮೊತ್ತ ರೂ. 5.00 ಲಕ್ಷ ಹಾಗೂ ಗರಿಷ್ಠ ಮೊತ್ತ ರೂ. 100.00 ಲಕ್ಷ) ಕೆಪಿಪಿ (kppp) ನಲ್ಲಿ ನೊಂದಣಿ ಮಾಡಿಸಿದ ಲೋಕೋಪಯೋಗಿ ಇಲಾಖೆಯ ಅರ್ಹ ಗುತ್ತಿಗೆದಾರರಿಂದ ಕೆಪಿಪಿ (kppp) ಸ್ಟಾಂಡರ್ಡ್ ಬಿಡ್ ಡಾಕುಮೆಂಟ್ ಕೆ ಡಬ್ಲ್ಯೂ-1 ಹಾಗೂ 3, ರ ಪ್ರಕಾರ ಐಟಂವಾರು ಟೆಂಡರ್‌ಗಳನ್ನು ಆಹ್ವಾನಿಸಲಾಗಿದೆ. ಸಂಪೂರ್ಣ ವಿವರಗಳಿಗಾಗಿ ಅಂತರ್ ಜಾಲ ವಿಳಾಸ : http : //www.kppp.Karnataka.gov.in/ದಲ್ಲಿ ನೋಡಿಕೊಳ್ಳಬಹುದು.

Work Indent No : Part : 1 : 32751, 32754, 32755- Category-2A, 32757, 32758- Category-2A, 32759, 32761, 32763-SC, 32764 SC, 32765 SC, 32770, 32771-ST, 32772, 32773-SC, 32774, 32775, 32776, 32777, 32778, 32779, 32780 - Category-2A, 32781-Category-I,32782, 32783-SC, 32784 - Category-2A, and 32785,

ಮೇಲಿನ ಕಾಮಗಾರಿಗಳ ಟೆಂಡರ ಏವರ ಪ್ರಶ್ನೋತ್ತರ ದಿನಾಂಕ : 16-02-2026 ಟೆಂಡರ್ ಸಲ್ಲಿಸಲು ಕೊನೆಯ ದಿನಾಂಕ : 17-02-2026 ಮಧ್ಯಾಹ್ನ 4.00 ಘಂಟೆಯ ವರೆಗೆ , ತಾಂತ್ರಿಕ/ ಆರ್ಥಿಕ ಬಿಡ್ ತೆರೆಯುವ ದಿನಾಂಕ : 18-02-2026 ಆರ್ಥಿಕ ಬಿಡ್ ತೆರೆಯುವ ದಿನಾಂಕ : 19-02-2026
Work Indent No : Part-2 : 32422, and 32432
ಮೇಲಿನ ಕಾಮಗಾರಿಗಳ ಕಾಮಗಾರಿಯ ಟೆಂಡರ ಏವರ ಪ್ರಶ್ನೋತ್ತರ ದಿನಾಂಕ : 07-02-2026 ಟೆಂಡರ್ ಸಲ್ಲಿಸಲು ಕೊನೆಯ ದಿನಾಂಕ : 09-02-2026 ಮಧ್ಯಾಹ್ನ 4.00 ಘಂಟೆಯ ವರೆಗೆ, ತಾಂತ್ರಿಕ/ ಆರ್ಥಿಕ ಬಿಡ್ ತೆರೆಯುವ ದಿನಾಂಕ : 10-02-2026
ಪರಿಶಿಷ್ಟ ಜಾತಿ ಮತ್ತು ಪಂಗಡ, ಕೆಟಗರಿ-1 ಹಾಗೂ ಕೆಟಗರಿ-2ಎ ಕ್ಕೆ ಮೀಸಲಿರಿಸಿದ ಕಾಮಗಾರಿಗಳ ಟೆಂಡರಾಗಳಲ್ಲಿ ಭಾಗವಹಿಸುವ ಗುತ್ತಿಗೆದಾರರು ಕಡ್ಡಾಯವಾಗಿ ಸಕ್ಷಮ ಪ್ರಾಧಿಕಾರದಿಂದ ಪಡೆದ ಪೂರಕ ದಾಖಲೆಗಳಾದ ಜಾತಿ ಪ್ರಮಾಣ ಪತ್ರ, 10 ವರ್ಷದ ರಹವಾಸಿ ಪ್ರಮಾಣ ಪತ್ರವನ್ನು ಕಡ್ಡಾಯವಾಗಿ ಸಲ್ಲಿಸತಕ್ಕದ್ದು.
GST shall be paid separately as per prevailing Government Order. The increase in GST shall not be paid in the extended period of contract for which the contractor alone is responsible for delay as determined by the authority while granting the extension of time.
ಸಹಿ/- ಕಾರ್ಯಪಾಲಕ ಅಭಿಯಂತರರು,
ಲೋಕೋಪಯೋಗಿ ಇಲಾಖೆ, ವಿಭಾಗ, ಗದಗ
ವಾಸಾಸಂಇ/ಗದಗ/ಕೆಎಸ್‌ಎಂಸಿಎ/592/2025-26
ಕರ್ನಾಟಕ ಸರಕಾರ
ಕಾರ್ಯಪಾಲಕ ಇಂಜಿನೀಯರರವರ ಕಛೇರಿ
ಗ್ರಾಮೀಣ ಕುಡಿಯುವ ನೀರು ಸರಬರಾಜು ಮತ್ತು ನೈರ್ಮಲ್ಯ ವಿಭಾಗ, ಯಾದಗಿರಿ
ಇ-ಮೇಲ್ ವಿಳಾಸ: aeerdwsd.ydg@gmail.com ದೂರವಾಣಿ ಸಂಖ್ಯೆ : 08473-250271
ಸಂಖ್ಯೆ:ಕಾಪಾಅ/ಗ್ರಾಕುನೀಮತ್ತುನೈ/ಏಯಾ/ಟೆ.ಪ್ರ/ತಾಶಾ/KKRDB(Micro)/2025-26/1284	ದಿನಾಂಕ:22/01/2026
ಟೆಂಡರ ಪ್ರಕಟಣೆ ಇ-ಪ್ರೊಕ್ಯೂರ್‌ಮೆಂಟ್" ಮೂಲಕ
ಕರ್ನಾಟಕ ಸರ್ಕಾರದ ಮಾನ್ಯ ರಾಜ್ಯಪಾಲರ ಪರವಾಗಿ ಸ್ಟ್ಯಾಂಡರ್ಡ ಟೆಂಡರ್ ಡಾಕುಮೆಂಟ ಕೆ.ಡಬ್ಲ್ಯೂ- 1 , 2 & 3 ಹಾಗೂ ಕರ್ನಾಟಕ ಸಾರ್ವಜನಿಕ ಸಂಗ್ರಹಣೆಗಳಲ್ಲಿ ಪಾರದರ್ಶಕತೆ ನಿಯಮಗಳು, G.O.No.FD 9 PCL 2004 Dt:06.08.2005 ಹಾಗೂ ಇತ್ತಿಚ್ಚಿನ ತಿದ್ದುಪಡಿ ನಿಬಂಧನೆಗೊಳಪಟ್ಟಂತೆ, ಕಾರ್ಯಪಾಲಕ ಇಂಜಿನೀಯರರು, ಗ್ರಾಮೀಣ ಕುಡಿಯುವ ನೀರು ಮತ್ತು ನೈರ್ಮಲ್ಯ ವಿಭಾಗ, ಯಾದಗಿರಿ ಇವರು 2025-26 ನೇ ಸಾಲಿನ KKRDB (Micro) ಯೋಜನೆಯಡಿಯಲ್ಲಿ ಕಾಮಗಾರಿಗಳ ಟೆಂಡರ್ ಪ್ರಕಟಣೆಯನ್ನು ಇ-ಪ್ರೊಕ್ಯೂರ್‌ಮೆಂಟ್ ಫೋರ್ಟಲ್‌ನಲ್ಲಿ ನೊಂದಣಿ ಮಾಡಿದ ಅರ್ಹ ಗುತ್ತಿಗೆದಾರರುಗಳಿಂದ ನಿಶ್ಚಿತ ಕಾಮಗಾರಿಗಳ ಹೆಸರನ್ನು ನಮೂದಿಸಿ ಐಟಂವಾರು ಟೆಂಡರಗಳನ್ನು ಇ-ಪ್ರೊಕ್ಯೂರ್‌ಮೆಂಟ್ ಮೂಲಕ ಕರೆಯಲಾಗಿದೆ. ವಿವರ ಈ ಕೆಳಗಿನಂತಿವೆ.
ಟೆಂಡರ್ ಪ್ರಕ್ರಿಯೆ ದಿನಾಂಕಗಳು
1. ಟೆಂಡರ್ ಡಾಕುಮೆಂಟ್ಸ್‌ಗಳನ್ನು ವೆಬ್‌ಸೈಟಿನಲ್ಲಿ: ನೋಡಿಕೊಳ್ಳುವ/ ಡೌನ್ ಲೋಡ್ ಮಾಡಿಕೊಳ್ಳೂವ ದಿನಾಂಕ : 22/01/2026. ಸಮಯ : ಬೆಳಿಗ್ಗೆ 11.00 ಗಂಟೆಯ ನಂತರ 2) ಆನ್ ಲೈನ್‌ಲ್ಲಿ ಭರ್ತಿ ಮಾಡಿದ ಟೆಂಡರ್ ಬಿಡ್‌ಗಳನ್ನು ಸ್ವೀಕರಿಸುವ ಕೊನೆಯ ದಿನಾಂಕ : 31/01/2026. ಸಮಯ ಸಾಯಂಕಾಲ 4.30 ಗಂಟೆಯ ವರೆಗೆ 3) ತಾಂತ್ರಿಕ ಬಿಡ್ ತೆರೆಯುವ ದಿನಾಂಕ : 02/02/2026 ಸಮಯ : ಬೆಳಿಗ್ಗೆ 11.00 ಗಂಟೆಯ ನಂತರ 4) ಆರ್ಥಿಕ ಬಿಡ್ ತೆರೆಯುವ ದಿನಾಂಕ : 05/02/2026 ಸಮಯ : ಬೆಳಿಗ್ಗೆ 11.00 ಗಂಟೆಯ ನಂತರ
ಕ್ರ ಸಂ	ಕೆಲಸ ಹೆಸರು	ಇಂಡೆಂಟ್ ಸಂಖ್ಯೆ	ಅಂದಾಜು ಮೊತ್ತ (ರೂ. ಲಕ್ಷಗಳಲ್ಲಿ)	ಇ.ಎಂ.ಡಿ ಮೊತ್ತ (ರೂ. ಗಳಲ್ಲಿ)	ಕೆಲಸ ಮುಗಿಸುವ ಆವಧಿ (ಮಳೆಗಾಲ ಸೇರಿದಂತೆ)	ಗುತ್ತಿಗೆದಾರರ ದರ್ಜೆ	ಕಾಮಗಾರಿಯ ಮೀಸಲಾತಿಗಳು
1	ಶಹಾಪೂರ ತಾಲೂಕಿನ ದೋರನಹಳ್ಳಿ ಗ್ರಾಮದ ಸರ್ಕಾರಿ ಹಿರಿಯ ಪ್ರಾಥಮಿಕ ಶಾಲೆಗೆ ಶುದ್ಧ ಕುಡಿಯುವ ನೀರಿನ ಘಟಕ (RO Plant) ಮತ್ತು ಕಟ್ಟಡ ನಿರ್ಮಾಣ	9736	15.00	37500/-	90 ದಿನಗಳು	4ನೇ ದರ್ಜೆ ಹಾಗೂ ಮೇಲ್ಪಟ್ಟು	GENERAL
2	ಶಹಾಪೂರ ತಾಲೂಕಿನ ದೋರನಹಳ್ಳಿ ಗ್ರಾಮದ ಸರ್ಕಾರಿ ಪೌಢ ಶಾಲೆಗೆ ಶುದ್ಧ ಕುಡಿಯುವ ನೀರಿನ ಘಟಕ (RO Plant) ಮತ್ತು ಕಟ್ಟಡ ನಿರ್ಮಾಣ	9735	15.00	18750/-	90 ದಿನಗಳು	4ನೇ ದರ್ಜೆ ಹಾಗೂ ಮೇಲ್ಪಟ್ಟು	SC Reserve
3	ಶಹಾಪೂರ ತಾಲೂಕಿನ ಖಾನಾಪೂರ ಗ್ರಾಮದ ಸರ್ಕಾರಿ ಹಿರಿಯ ಪ್ರಾಥಮಿಕ ಶಾಲೆಗೆ ಶುದ್ಧ ಕುಡಿಯುವ ನೀರಿನ ಘಟಕ (RO Plant) ಮತ್ತು ಕಟ್ಟಡ ನಿರ್ಮಾಣ	9737	15.00	37500/-	90 ದಿನಗಳು	4ನೇ ದರ್ಜೆ ಹಾಗೂ ಮೇಲ್ಪಟ್ಟು	GENERAL
4	ಶಹಾಪೂರ ತಾಲೂಕಿನ ಬೀರನೂರು ಗ್ರಾಮದ ಸರ್ಕಾರಿ ಹಿರಿಯ ಪ್ರಾಥಮಿಕ ಶಾಲೆಗೆ ಶುದ್ಧ ಕುಡಿಯುವ ನೀರಿನ ಘಟಕ (RO Plant) ಮತ್ತು ಕಟ್ಟಡ ನಿರ್ಮಾಣ	9734	15.00	37500/-	90 ದಿನಗಳು	4ನೇ ದರ್ಜೆ ಹಾಗೂ ಮೇಲ್ಪಟ್ಟು	GENERAL
5	ಶಹಾಪೂರ ತಾಲೂಕಿನ ಶಿವಪೂರ ಗ್ರಾಮದ ಸರ್ಕಾರಿ ಹಿರಿಯ ಪ್ರಾಥಮಿಕ ಶಾಲೆಗೆ ಶುದ್ಧ ಕುಡಿಯುವ ನೀರಿನ ಘಟಕ (RO Plant) ಮತ್ತು ಕಟ್ಟಡ ನಿರ್ಮಾಣ	9738	15.00	18750/-	90 ದಿನಗಳು	4ನೇ ದರ್ಜೆ ಹಾಗೂ ಮೇಲ್ಪಟ್ಟು	SC Reserve
6	ಶಹಾಪೂರ ತಾಲೂಕಿನ ಬಿಳ್ಹಾರ ಗ್ರಾಮದ ಸರ್ಕಾರಿ ಹಿರಿಯ ಪ್ರಾಥಮಿಕ ಶಾಲೆಗೆ ಶುದ್ಧ ಕುಡಿಯುವ ನೀರಿನ ಘಟಕ (RO Plant) ಮತ್ತು ಕಟ್ಟಡ ನಿರ್ಮಾಣ	9739	15.00	37500/-	90 ದಿನಗಳು	4ನೇ ದರ್ಜೆ ಹಾಗೂ ಮೇಲ್ಪಟ್ಟು	CAT-II(A)
7	ಶಹಾಪೂರ ತಾಲೂಕಿನ ಬಂಡಬಂಬಳಿ ಗ್ರಾಮದ ಸರ್ಕಾರಿ ಮಾದರಿ ಪ್ರಾಥಮಿಕ ಶಾಲೆಗೆ ಶುದ್ಧ ಕುಡಿಯುವ ನೀರಿನ ಘಟಕ (RO Plant) ಮತ್ತು ಕಟ್ಟಡ ನಿರ್ಮಾಣ	9740	15.00	37500/-	90 ದಿನಗಳು	4ನೇ ದರ್ಜೆ ಹಾಗೂ ಮೇಲ್ಪಟ್ಟು	GENERAL
8	ಶಹಾಪೂರ ತಾಲೂಕಿನ ತುಮಕೂರು ಗ್ರಾಮದ ಸರ್ಕಾರಿ ಹಿರಿಯ ಪ್ರಾಥಮಿಕ ಶಾಲೆಗೆ ಶುದ್ಧ ಕುಡಿಯುವ ನೀರಿನ ಘಟಕ (RO Plant) ಮತ್ತು ಕಟ್ಟಡ ನಿರ್ಮಾಣ	9741	15.00	37500/-	90 ದಿನಗಳು	4ನೇ ದರ್ಜೆ ಹಾಗೂ ಮೇಲ್ಪಟ್ಟು	CAT-II(A)
9	ಶಹಾಪೂರ ತಾಲೂಕಿನ ಹೊಸಕೇರಾ ಗ್ರಾಮದಲ್ಲಿ ಪೈಪ್‌ಲೈನ್ ಅಳವಡಿಸುವುದು	9744	15.00	37500/-	90 ದಿನಗಳು	4ನೇ ದರ್ಜೆ ಹಾಗೂ ಮೇಲ್ಪಟ್ಟು	GENERAL
10	ಶಹಾಪೂರ ತಾಲೂಕಿನ ಆಲ್ಹಾಳ ಗ್ರಾಮದ ಏರು ಕೋಳವೆ ಮಾರ್ಗ (ರೈಸಿಂಗ್ ಮೇನ್ ಪೈಪ್‌ಲೈನ್) ಅಳವಡಿಸುವುದು.	9742	25.22	25220/-	90 ದಿನಗಳು	3ನೇ ದರ್ಜೆ ಹಾಗೂ ಮೇಲ್ಪಟ್ಟು	ST Reserve
11	ಶಹಾಪೂರ ತಾಲೂಕಿನ ಸಲ್ದಾಪೂರ ಗ್ರಾಮದ ಏರು ಕೋಳವೆ ಮಾರ್ಗ (ರೈಸಿಂಗ್ ಮೇನ್ ಪೈಪ್‌ಲೈನ್) ಅಳವಡಿಸುವುದು.	9743	30.00	60000/-	90 ದಿನಗಳು	3ನೇ ದರ್ಜೆ ಹಾಗೂ ಮೇಲ್ಪಟ್ಟು	GENERAL
12	ಶಹಾಪೂರ ತಾಲೂಕಿನ ಉಕ್ಕಿನಾಳ ರಾಮಚಂದ್ರ ನಾಯಕ ತಾಂಡಾದಲ್ಲಿ ಪೈಪ್‌ಲೈ‌ನ್ ಅಳವಡಿಸುವುದು.	9748	30.00	60000/-	90 ದಿನಗಳು	3ನೇ ದರ್ಜೆ ಹಾಗೂ ಮೇಲ್ಪಟ್ಟು	GENERAL
13	ಶಹಾಪೂರ ತಾಲೂಕಿನ ಸಾದ್ಯಾಪೂರ ಗ್ರಾಮದ ಏರು ಕೋಳವೆ ಮಾರ್ಗ (ರೈಸಿಂಗ್ ಮೇನ್ ಪೈಪ್‌ಲೈನ್) ಅಳವಡಿಸುವುದು.	9749	25.10	50200/-	90 ದಿನಗಳು	3ನೇ ದರ್ಜೆ ಹಾಗೂ ಮೇಲ್ಪಟ್ಟು	GENERAL
14	ಶಹಾಪೂರ ತಾಲೂಕಿನ ಹತ್ತಿಗುಡೂರು ಗ್ರಾಮದ ಮಠದ ಹತ್ತಿರ ಇರುವ ಎಸ್.ಸಿ ವಾರ್ಡಿನಲ್ಲಿ ಓ.ಹೆಚ್.ಟಿ ಟ್ಯಾಂಕ್ ನಿರ್ಮಾಣ	9746	75.00	150000/-	120 ದಿನಗಳು	3ನೇ ದರ್ಜೆ ಹಾಗೂ ಮೇಲ್ಪಟ್ಟು	GENERAL
15	ಶಹಾಪೂರ ತಾಲೂಕಿನ ಶೆಟ್ಟಿಕೇರಾ ಗ್ರಾಮದ ಎಸ್.ಸಿ ವಾರ್ಡಿನಲ್ಲಿ ಓ.ಹೆಚ್.ಟಿ ಟ್ಯಾಂಕ್ ನಿರ್ಮಾಣ ಮತ್ತು ಪೈಪ್‌ಲೈನ್ ಅಳವಡಿಸುವುದು.	9747	60.00	120000/-	120 ದಿನಗಳು	3ನೇ ದರ್ಜೆ ಹಾಗೂ ಮೇಲ್ಪಟ್ಟು	GENERAL
ವಾ.ಸಾ.ಸಂ.ಇ/ಯಾದಗಿರಿ/498/ಕೆ.ಎಸ್.ಎಂ.ಸಿ.&ಎ/2025-26
ಸಹಿ/- ಕಾರ್ಯಪಾಲಕ ಇಂಜಿನೀಯರರು,
ಗ್ರಾಮೀಣ ಕುಡಿಯುವ ನೀರು ಮತ್ತು ನೈರ್ಮಲ್ಯ
ವಿಭಾಗ, ಯಾದಗಿರಿ.
